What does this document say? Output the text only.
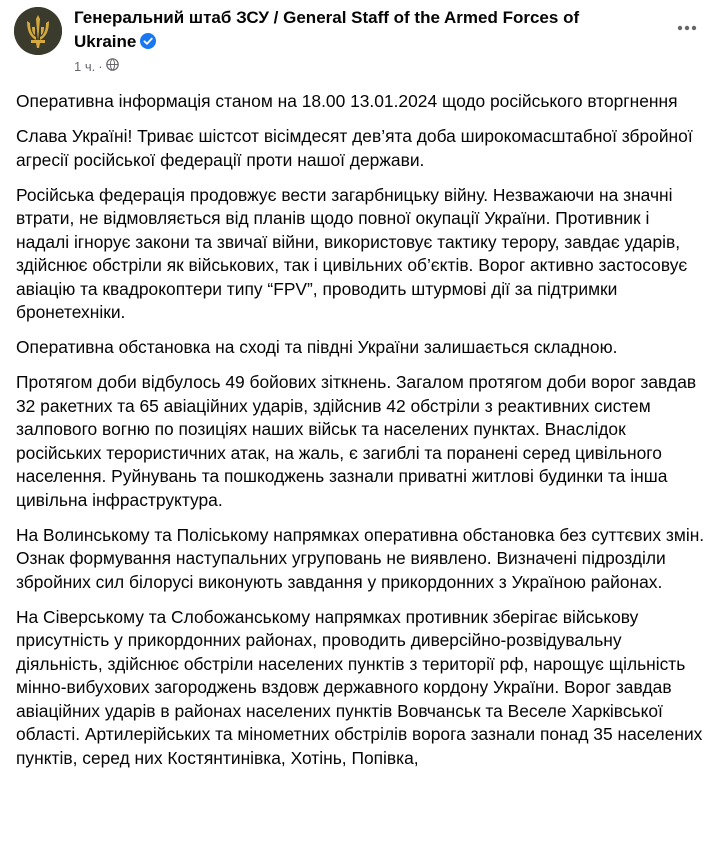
Генеральний штаб ЗСУ / General Staff of the Armed Forces of Ukraine
1 ч. ·

Оперативна інформація станом на 18.00 13.01.2024 щодо російського вторгнення

Слава Україні! Триває шістсот вісімдесят дев’ята доба широкомасштабної збройної агресії російської федерації проти нашої держави.

Російська федерація продовжує вести загарбницьку війну. Незважаючи на значні втрати, не відмовляється від планів щодо повної окупації України. Противник і надалі ігнорує закони та звичаї війни, використовує тактику терору, завдає ударів, здійснює обстріли як військових, так і цивільних об’єктів. Ворог активно застосовує авіацію та квадрокоптери типу “FPV”, проводить штурмові дії за підтримки бронетехніки.

Оперативна обстановка на сході та півдні України залишається складною.

Протягом доби відбулось 49 бойових зіткнень. Загалом протягом доби ворог завдав 32 ракетних та 65 авіаційних ударів, здійснив 42 обстріли з реактивних систем залпового вогню по позиціях наших військ та населених пунктах. Внаслідок російських терористичних атак, на жаль, є загиблі та поранені серед цивільного населення. Руйнувань та пошкоджень зазнали приватні житлові будинки та інша цивільна інфраструктура.

На Волинському та Поліському напрямках оперативна обстановка без суттєвих змін. Ознак формування наступальних угруповань не виявлено. Визначені підрозділи збройних сил білорусі виконують завдання у прикордонних з Україною районах.

На Сіверському та Слобожанському напрямках противник зберігає військову присутність у прикордонних районах, проводить диверсійно-розвідувальну діяльність, здійснює обстріли населених пунктів з території рф, нарощує щільність мінно-вибухових загороджень вздовж державного кордону України. Ворог завдав авіаційних ударів в районах населених пунктів Вовчанськ та Веселе Харківської області. Артилерійських та мінометних обстрілів ворога зазнали понад 35 населених пунктів, серед них Костянтинівка, Хотінь, Попівка,
